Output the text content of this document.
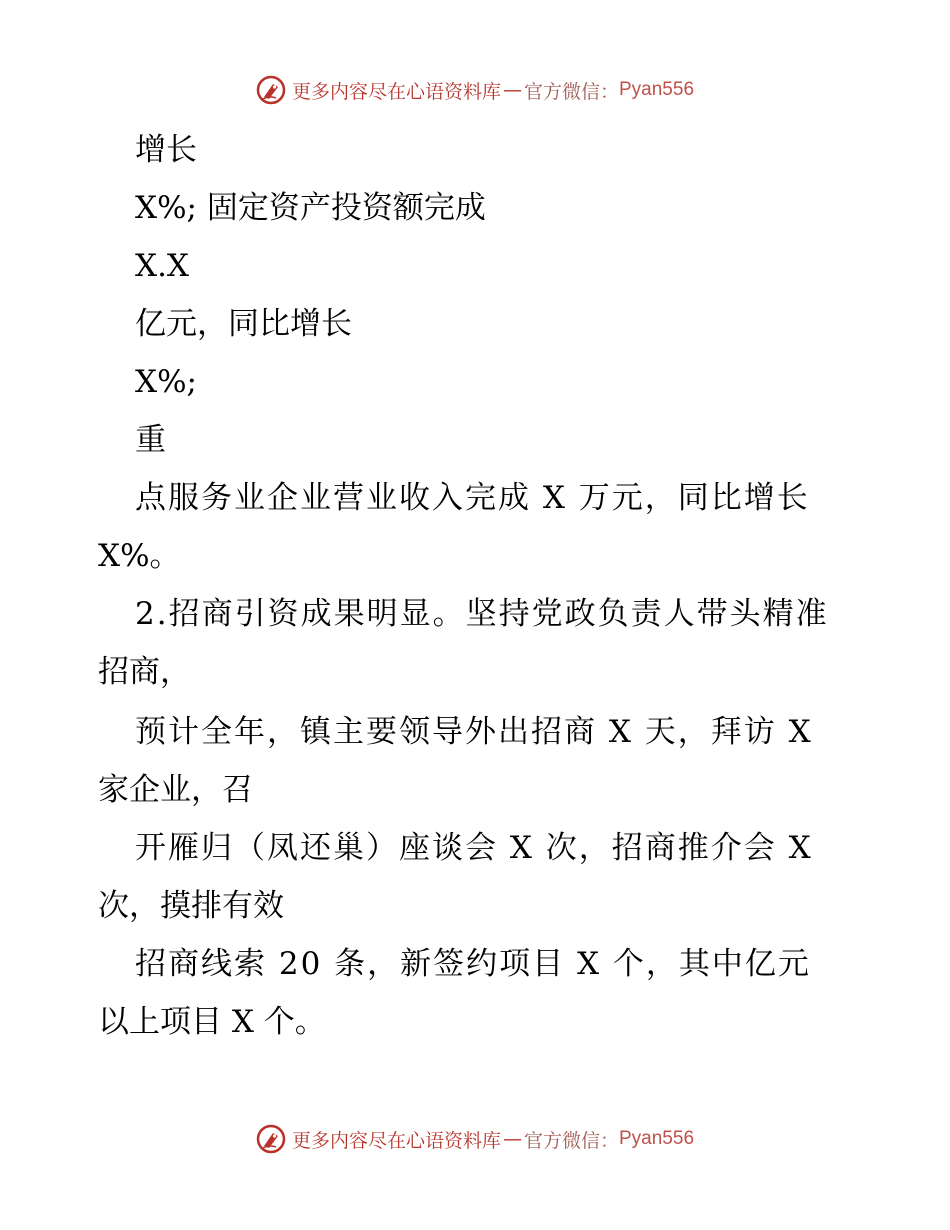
更多内容尽在心语资料库 — 官方微信： Pyan556
增长
X%; 固定资产投资额完成
X.X
亿元，同比增长
X%;
重
点服务业企业营业收入完成 X 万元，同比增长
X%。
2.招商引资成果明显。坚持党政负责人带头精准
招商，
预计全年，镇主要领导外出招商 X 天，拜访 X
家企业，召
开雁归（凤还巢）座谈会 X 次，招商推介会 X
次，摸排有效
招商线索 20 条，新签约项目 X 个，其中亿元
以上项目 X 个。
更多内容尽在心语资料库 — 官方微信： Pyan556
